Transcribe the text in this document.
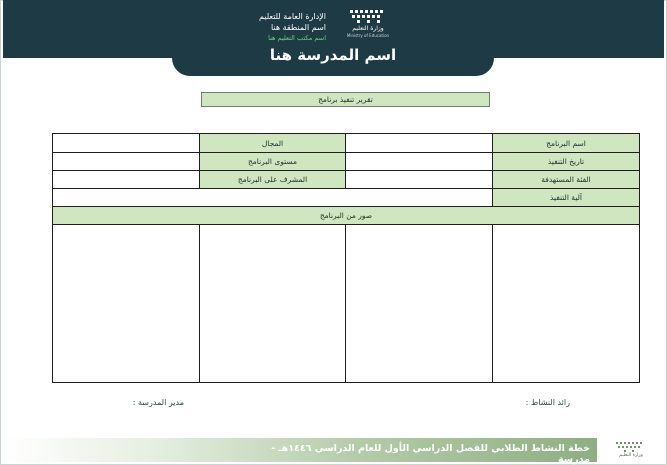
اسم المدرسة هنا
وزارة التعليم
Ministry of Education
الإدارة العامة للتعليم
اسم المنطقة هنا
اسم مكتب التعليم هنا
تقرير تنفيذ برنامج
اسم البرنامج
المجال
تاريخ التنفيذ
مستوى البرنامج
الفئة المستهدفة
المشرف على البرنامج
آلية التنفيذ
صور من البرنامج
رائد النشاط :
مدير المدرسة :
خطة النشاط الطلابي للفصل الدراسي الأول للعام الدراسي ١٤٤٦هـ - مدرسة	وزارة التعليم
